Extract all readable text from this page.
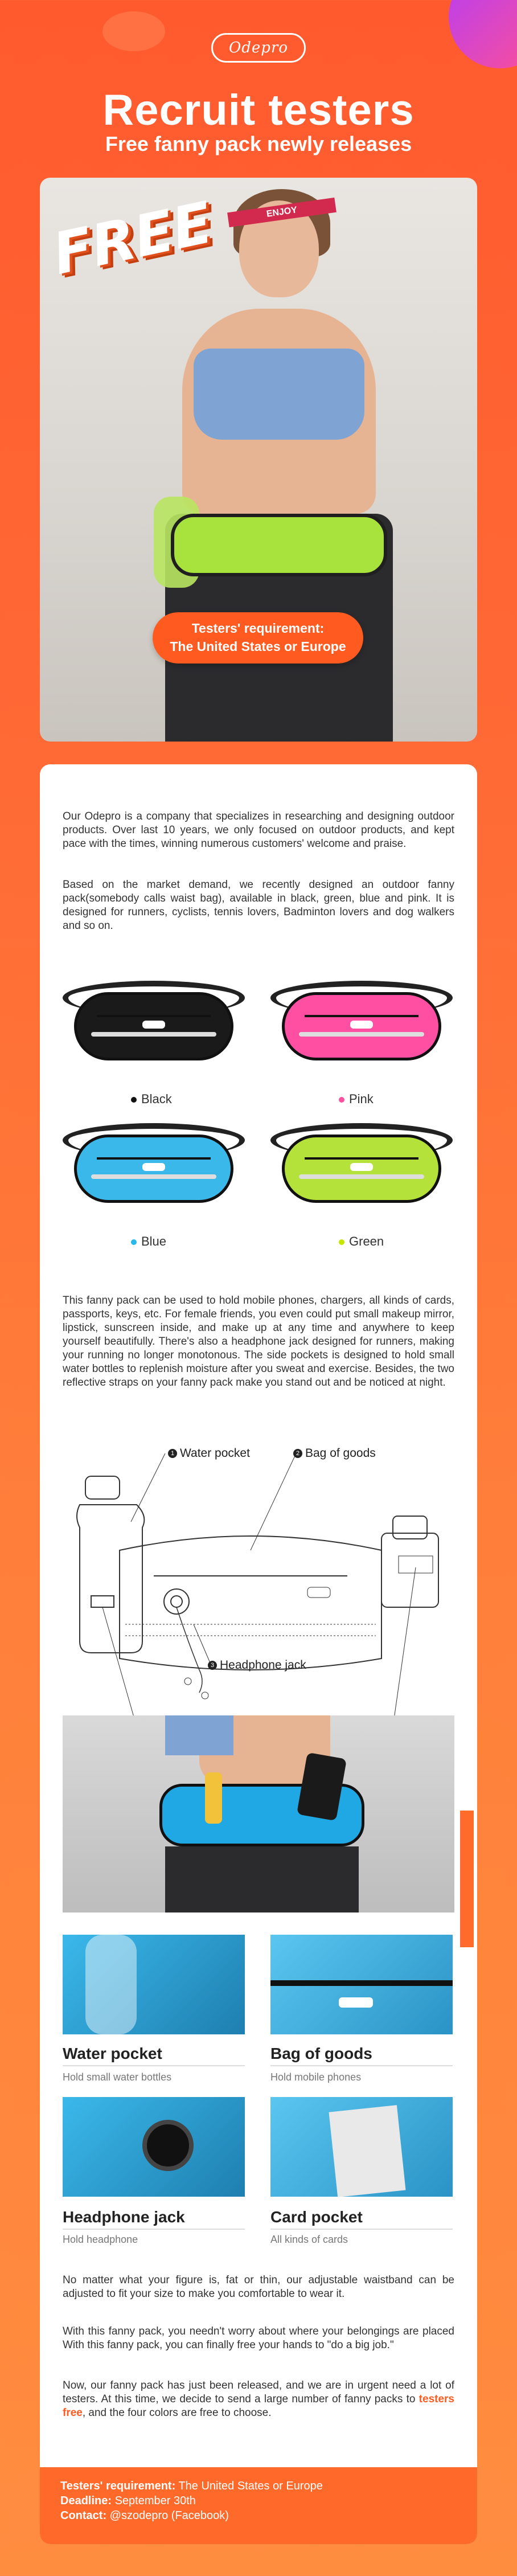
Odepro
Recruit testers
Free fanny pack newly releases
ENJOY
FREE
Testers' requirement:
The United States or Europe

Our Odepro is a company that specializes in researching and designing outdoor products. Over last 10 years, we only focused on outdoor products, and kept pace with the times, winning numerous customers' welcome and praise.

Based on the market demand, we recently designed an outdoor fanny pack(somebody calls waist bag), available in black, green, blue and pink. It is designed for runners, cyclists, tennis lovers, Badminton lovers and dog walkers and so on.

Black	Pink
Blue	Green

This fanny pack can be used to hold mobile phones, chargers, all kinds of cards, passports, keys, etc. For female friends, you even could put small makeup mirror, lipstick, sunscreen inside, and make up at any time and anywhere to keep yourself beautifully. There's also a headphone jack designed for runners, making your running no longer monotonous. The side pockets is designed to hold small water bottles to replenish moisture after you sweat and exercise. Besides, the two reflective straps on your fanny pack make you stand out and be noticed at night.

1 Water pocket	2 Bag of goods
3 Headphone jack
Water pocket
Hold small water bottles
Bag of goods
Hold mobile phones
Headphone jack
Hold headphone
Card pocket
All kinds of cards

No matter what your figure is, fat or thin, our adjustable waistband can be adjusted to fit your size to make you comfortable to wear it.

With this fanny pack, you needn't worry about where your belongings are placed With this fanny pack, you can finally free your hands to "do a big job."

Now, our fanny pack has just been released, and we are in urgent need a lot of testers. At this time, we decide to send a large number of fanny packs to testers free, and the four colors are free to choose.

Testers' requirement: The United States or Europe
Deadline: September 30th
Contact: @szodepro (Facebook)
